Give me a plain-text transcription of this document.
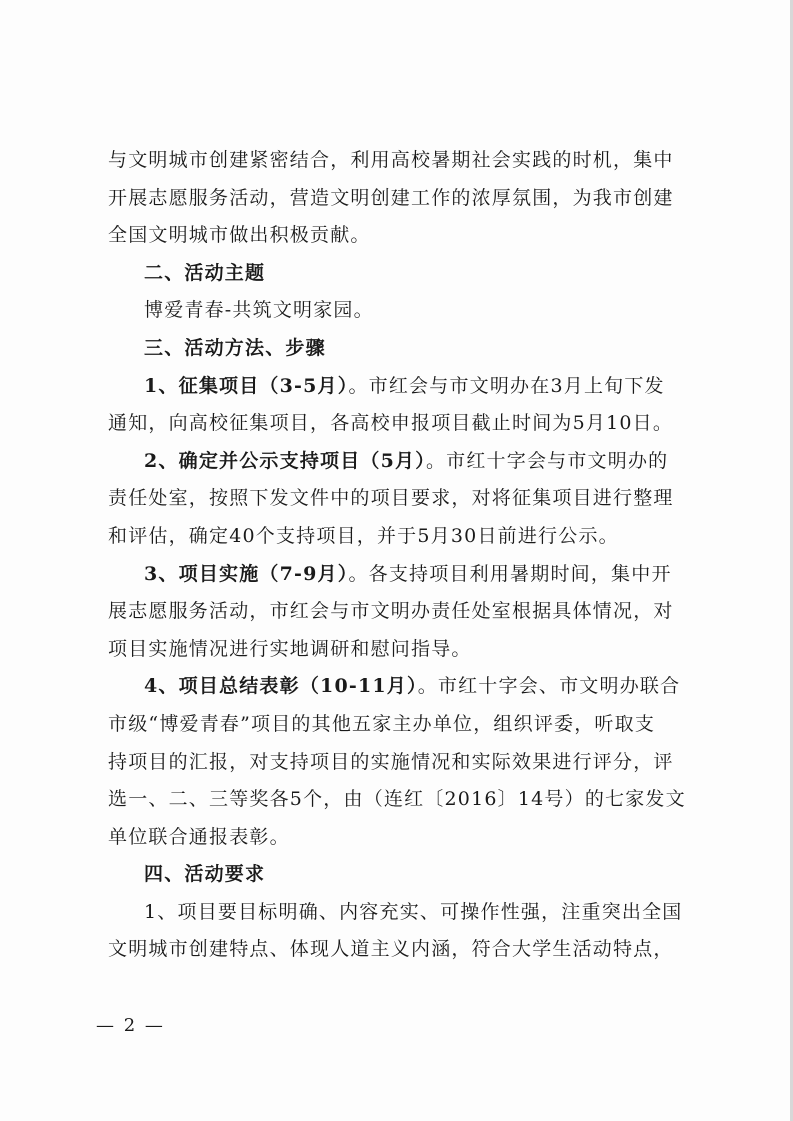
与文明城市创建紧密结合，利用高校暑期社会实践的时机，集中
开展志愿服务活动，营造文明创建工作的浓厚氛围，为我市创建
全国文明城市做出积极贡献。
二、活动主题
博爱青春-共筑文明家园。
三、活动方法、步骤
1、征集项目（3-5月）。市红会与市文明办在3月上旬下发
通知，向高校征集项目，各高校申报项目截止时间为5月10日。
2、确定并公示支持项目（5月）。市红十字会与市文明办的
责任处室，按照下发文件中的项目要求，对将征集项目进行整理
和评估，确定40个支持项目，并于5月30日前进行公示。
3、项目实施（7-9月）。各支持项目利用暑期时间，集中开
展志愿服务活动，市红会与市文明办责任处室根据具体情况，对
项目实施情况进行实地调研和慰问指导。
4、项目总结表彰（10-11月）。市红十字会、市文明办联合
市级“博爱青春”项目的其他五家主办单位，组织评委，听取支
持项目的汇报，对支持项目的实施情况和实际效果进行评分，评
选一、二、三等奖各5个，由（连红〔2016〕14号）的七家发文
单位联合通报表彰。
四、活动要求
1、项目要目标明确、内容充实、可操作性强，注重突出全国
文明城市创建特点、体现人道主义内涵，符合大学生活动特点，
— 2 —
